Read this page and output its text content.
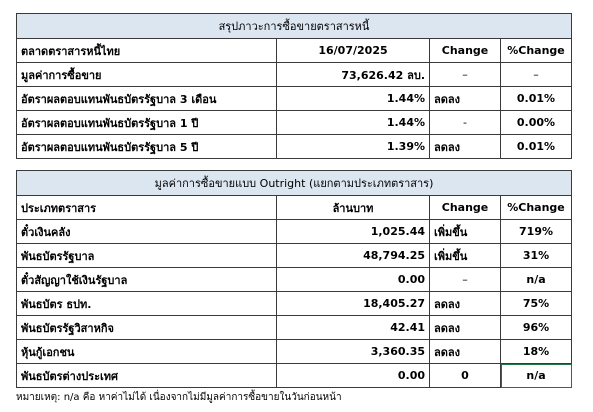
สรุปภาวะการซื้อขายตราสารหนี้			
ตลาดตราสารหนี้ไทย	16/07/2025	Change	%Change
มูลค่าการซื้อขาย	73,626.42 ลบ.	–	–
อัตราผลตอบแทนพันธบัตรรัฐบาล 3 เดือน	1.44%	ลดลง	0.01%
อัตราผลตอบแทนพันธบัตรรัฐบาล 1 ปี	1.44%	-	0.00%
อัตราผลตอบแทนพันธบัตรรัฐบาล 5 ปี	1.39%	ลดลง	0.01%
มูลค่าการซื้อขายแบบ Outright (แยกตามประเภทตราสาร)			
ประเภทตราสาร	ล้านบาท	Change	%Change
ตั๋วเงินคลัง	1,025.44	เพิ่มขึ้น	719%
พันธบัตรรัฐบาล	48,794.25	เพิ่มขึ้น	31%
ตั๋วสัญญาใช้เงินรัฐบาล	0.00	–	n/a
พันธบัตร ธปท.	18,405.27	ลดลง	75%
พันธบัตรรัฐวิสาหกิจ	42.41	ลดลง	96%
หุ้นกู้เอกชน	3,360.35	ลดลง	18%
พันธบัตรต่างประเทศ	0.00	0	n/a
หมายเหตุ: n/a คือ หาค่าไม่ได้ เนื่องจากไม่มีมูลค่าการซื้อขายในวันก่อนหน้า
